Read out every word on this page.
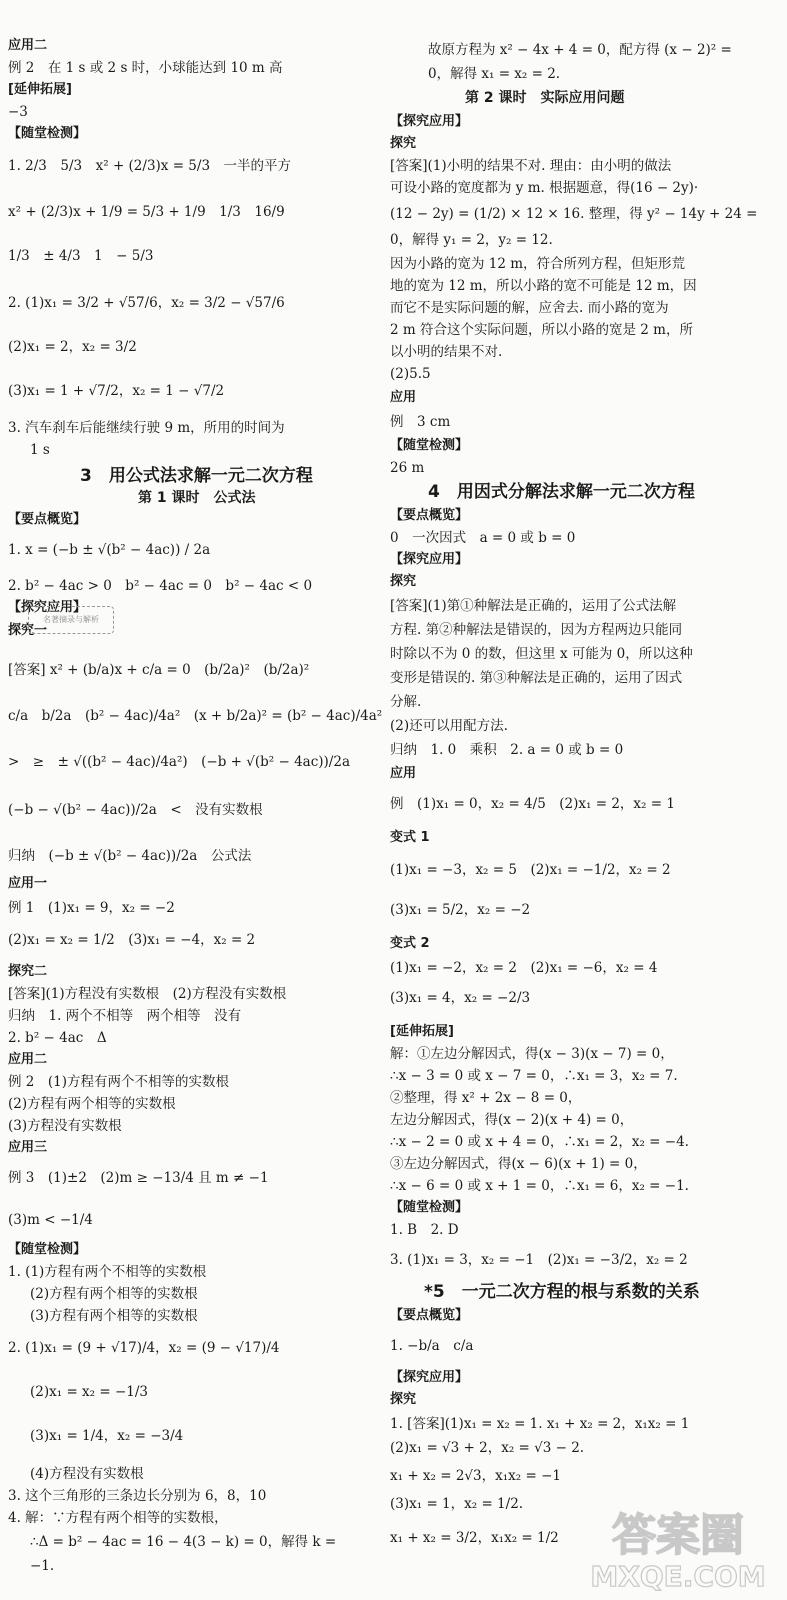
应用二
例 2　在 1 s 或 2 s 时，小球能达到 10 m 高
[延伸拓展]
−3
【随堂检测】
1. 2/3　5/3　x² + (2/3)x = 5/3　一半的平方
x² + (2/3)x + 1/9 = 5/3 + 1/9　1/3　16/9
1/3　± 4/3　1　− 5/3
2. (1)x₁ = 3/2 + √57/6，x₂ = 3/2 − √57/6
(2)x₁ = 2，x₂ = 3/2
(3)x₁ = 1 + √7/2，x₂ = 1 − √7/2
3. 汽车刹车后能继续行驶 9 m，所用的时间为
1 s
3　用公式法求解一元二次方程
第 1 课时　公式法
【要点概览】
1. x = (−b ± √(b² − 4ac)) / 2a
2. b² − 4ac > 0　b² − 4ac = 0　b² − 4ac < 0
【探究应用】
探究一
[答案] x² + (b/a)x + c/a = 0　(b/2a)²　(b/2a)²
c/a　b/2a　(b² − 4ac)/4a²　(x + b/2a)² = (b² − 4ac)/4a²
>　≥　± √((b² − 4ac)/4a²)　(−b + √(b² − 4ac))/2a
(−b − √(b² − 4ac))/2a　<　没有实数根
归纳　(−b ± √(b² − 4ac))/2a　公式法
应用一
例 1　(1)x₁ = 9，x₂ = −2
(2)x₁ = x₂ = 1/2　(3)x₁ = −4，x₂ = 2
探究二
[答案](1)方程没有实数根　(2)方程没有实数根
归纳　1. 两个不相等　两个相等　没有
2. b² − 4ac　Δ
应用二
例 2　(1)方程有两个不相等的实数根
(2)方程有两个相等的实数根
(3)方程没有实数根
应用三
例 3　(1)±2　(2)m ≥ −13/4 且 m ≠ −1
(3)m < −1/4
【随堂检测】
1. (1)方程有两个不相等的实数根
(2)方程有两个相等的实数根
(3)方程有两个相等的实数根
2. (1)x₁ = (9 + √17)/4，x₂ = (9 − √17)/4
(2)x₁ = x₂ = −1/3
(3)x₁ = 1/4，x₂ = −3/4
(4)方程没有实数根
3. 这个三角形的三条边长分别为 6，8，10
4. 解：∵方程有两个相等的实数根，
∴Δ = b² − 4ac = 16 − 4(3 − k) = 0，解得 k =
−1.
故原方程为 x² − 4x + 4 = 0，配方得 (x − 2)² =
0，解得 x₁ = x₂ = 2.
第 2 课时　实际应用问题
【探究应用】
探究
[答案](1)小明的结果不对. 理由：由小明的做法
可设小路的宽度都为 y m. 根据题意，得(16 − 2y)·
(12 − 2y) = (1/2) × 12 × 16. 整理，得 y² − 14y + 24 =
0，解得 y₁ = 2，y₂ = 12.
因为小路的宽为 12 m，符合所列方程，但矩形荒
地的宽为 12 m，所以小路的宽不可能是 12 m，因
而它不是实际问题的解，应舍去. 而小路的宽为
2 m 符合这个实际问题，所以小路的宽是 2 m，所
以小明的结果不对.
(2)5.5
应用
例　3 cm
【随堂检测】
26 m
4　用因式分解法求解一元二次方程
【要点概览】
0　一次因式　a = 0 或 b = 0
【探究应用】
探究
[答案](1)第①种解法是正确的，运用了公式法解
方程. 第②种解法是错误的，因为方程两边只能同
时除以不为 0 的数，但这里 x 可能为 0，所以这种
变形是错误的. 第③种解法是正确的，运用了因式
分解.
(2)还可以用配方法.
归纳　1. 0　乘积　2. a = 0 或 b = 0
应用
例　(1)x₁ = 0，x₂ = 4/5　(2)x₁ = 2，x₂ = 1
变式 1
(1)x₁ = −3，x₂ = 5　(2)x₁ = −1/2，x₂ = 2
(3)x₁ = 5/2，x₂ = −2
变式 2
(1)x₁ = −2，x₂ = 2　(2)x₁ = −6，x₂ = 4
(3)x₁ = 4，x₂ = −2/3
[延伸拓展]
解：①左边分解因式，得(x − 3)(x − 7) = 0，
∴x − 3 = 0 或 x − 7 = 0，∴x₁ = 3，x₂ = 7.
②整理，得 x² + 2x − 8 = 0，
左边分解因式，得(x − 2)(x + 4) = 0，
∴x − 2 = 0 或 x + 4 = 0，∴x₁ = 2，x₂ = −4.
③左边分解因式，得(x − 6)(x + 1) = 0，
∴x − 6 = 0 或 x + 1 = 0，∴x₁ = 6，x₂ = −1.
【随堂检测】
1. B　2. D
3. (1)x₁ = 3，x₂ = −1　(2)x₁ = −3/2，x₂ = 2
*5　一元二次方程的根与系数的关系
【要点概览】
1. −b/a　c/a
【探究应用】
探究
1. [答案](1)x₁ = x₂ = 1. x₁ + x₂ = 2，x₁x₂ = 1
(2)x₁ = √3 + 2，x₂ = √3 − 2.
x₁ + x₂ = 2√3，x₁x₂ = −1
(3)x₁ = 1，x₂ = 1/2.
x₁ + x₂ = 3/2，x₁x₂ = 1/2
名著摘录与解析
答案圈
MXQE.COM
